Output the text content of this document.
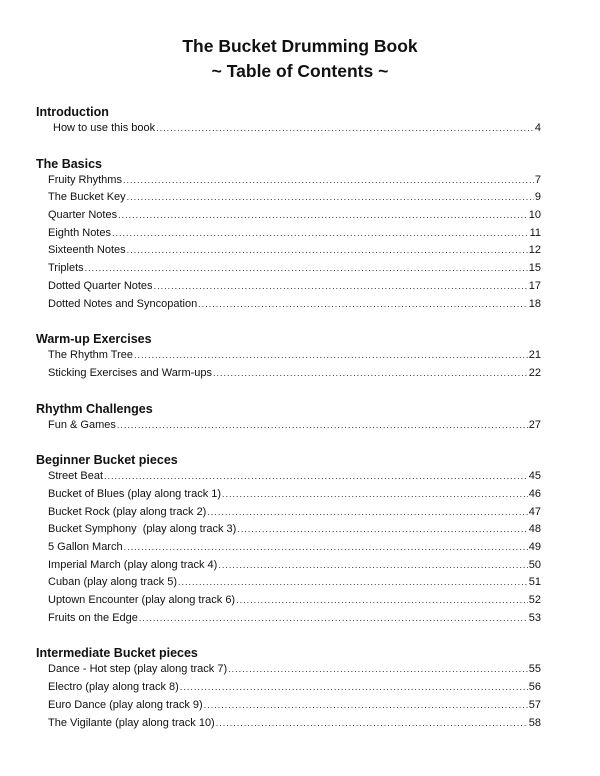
The Bucket Drumming Book
~ Table of Contents ~
Introduction
How to use this book .....	4
The Basics
Fruity Rhythms .....	7
The Bucket Key .....	9
Quarter Notes .....	10
Eighth Notes .....	11
Sixteenth Notes .....	12
Triplets .....	15
Dotted Quarter Notes .....	17
Dotted Notes and Syncopation .....	18
Warm-up Exercises
The Rhythm Tree .....	21
Sticking Exercises and Warm-ups .....	22
Rhythm Challenges
Fun & Games .....	27
Beginner Bucket pieces
Street Beat .....	45
Bucket of Blues (play along track 1) .....	46
Bucket Rock (play along track 2) .....	47
Bucket Symphony  (play along track 3) .....	48
5 Gallon March .....	49
Imperial March (play along track 4) .....	50
Cuban (play along track 5) .....	51
Uptown Encounter (play along track 6) .....	52
Fruits on the Edge .....	53
Intermediate Bucket pieces
Dance - Hot step (play along track 7) .....	55
Electro (play along track 8) .....	56
Euro Dance (play along track 9) .....	57
The Vigilante (play along track 10) .....	58
